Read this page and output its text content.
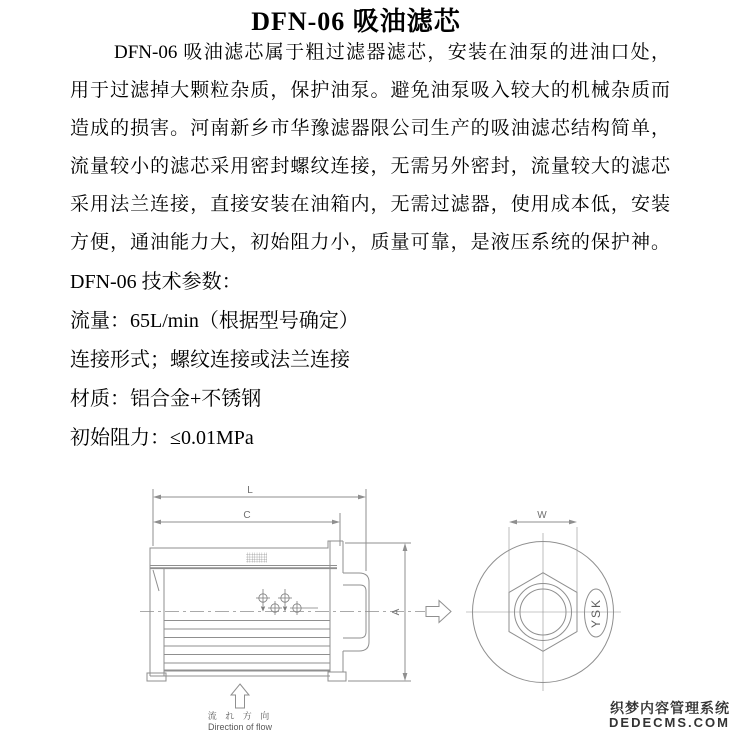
DFN-06 吸油滤芯
DFN-06 吸油滤芯属于粗过滤器滤芯，安装在油泵的进油口处，
用于过滤掉大颗粒杂质，保护油泵。避免油泵吸入较大的机械杂质而
造成的损害。河南新乡市华豫滤器限公司生产的吸油滤芯结构简单，
流量较小的滤芯采用密封螺纹连接，无需另外密封，流量较大的滤芯
采用法兰连接，直接安装在油箱内，无需过滤器，使用成本低，安装
方便，通油能力大，初始阻力小，质量可靠，是液压系统的保护神。
DFN-06 技术参数：
流量：65L/min（根据型号确定）
连接形式；螺纹连接或法兰连接
材质：铝合金+不锈钢
初始阻力：≤0.01MPa
L
C
A
W
YSK
流 れ 方 向
Direction of flow
织梦内容管理系统
DEDECMS.COM
